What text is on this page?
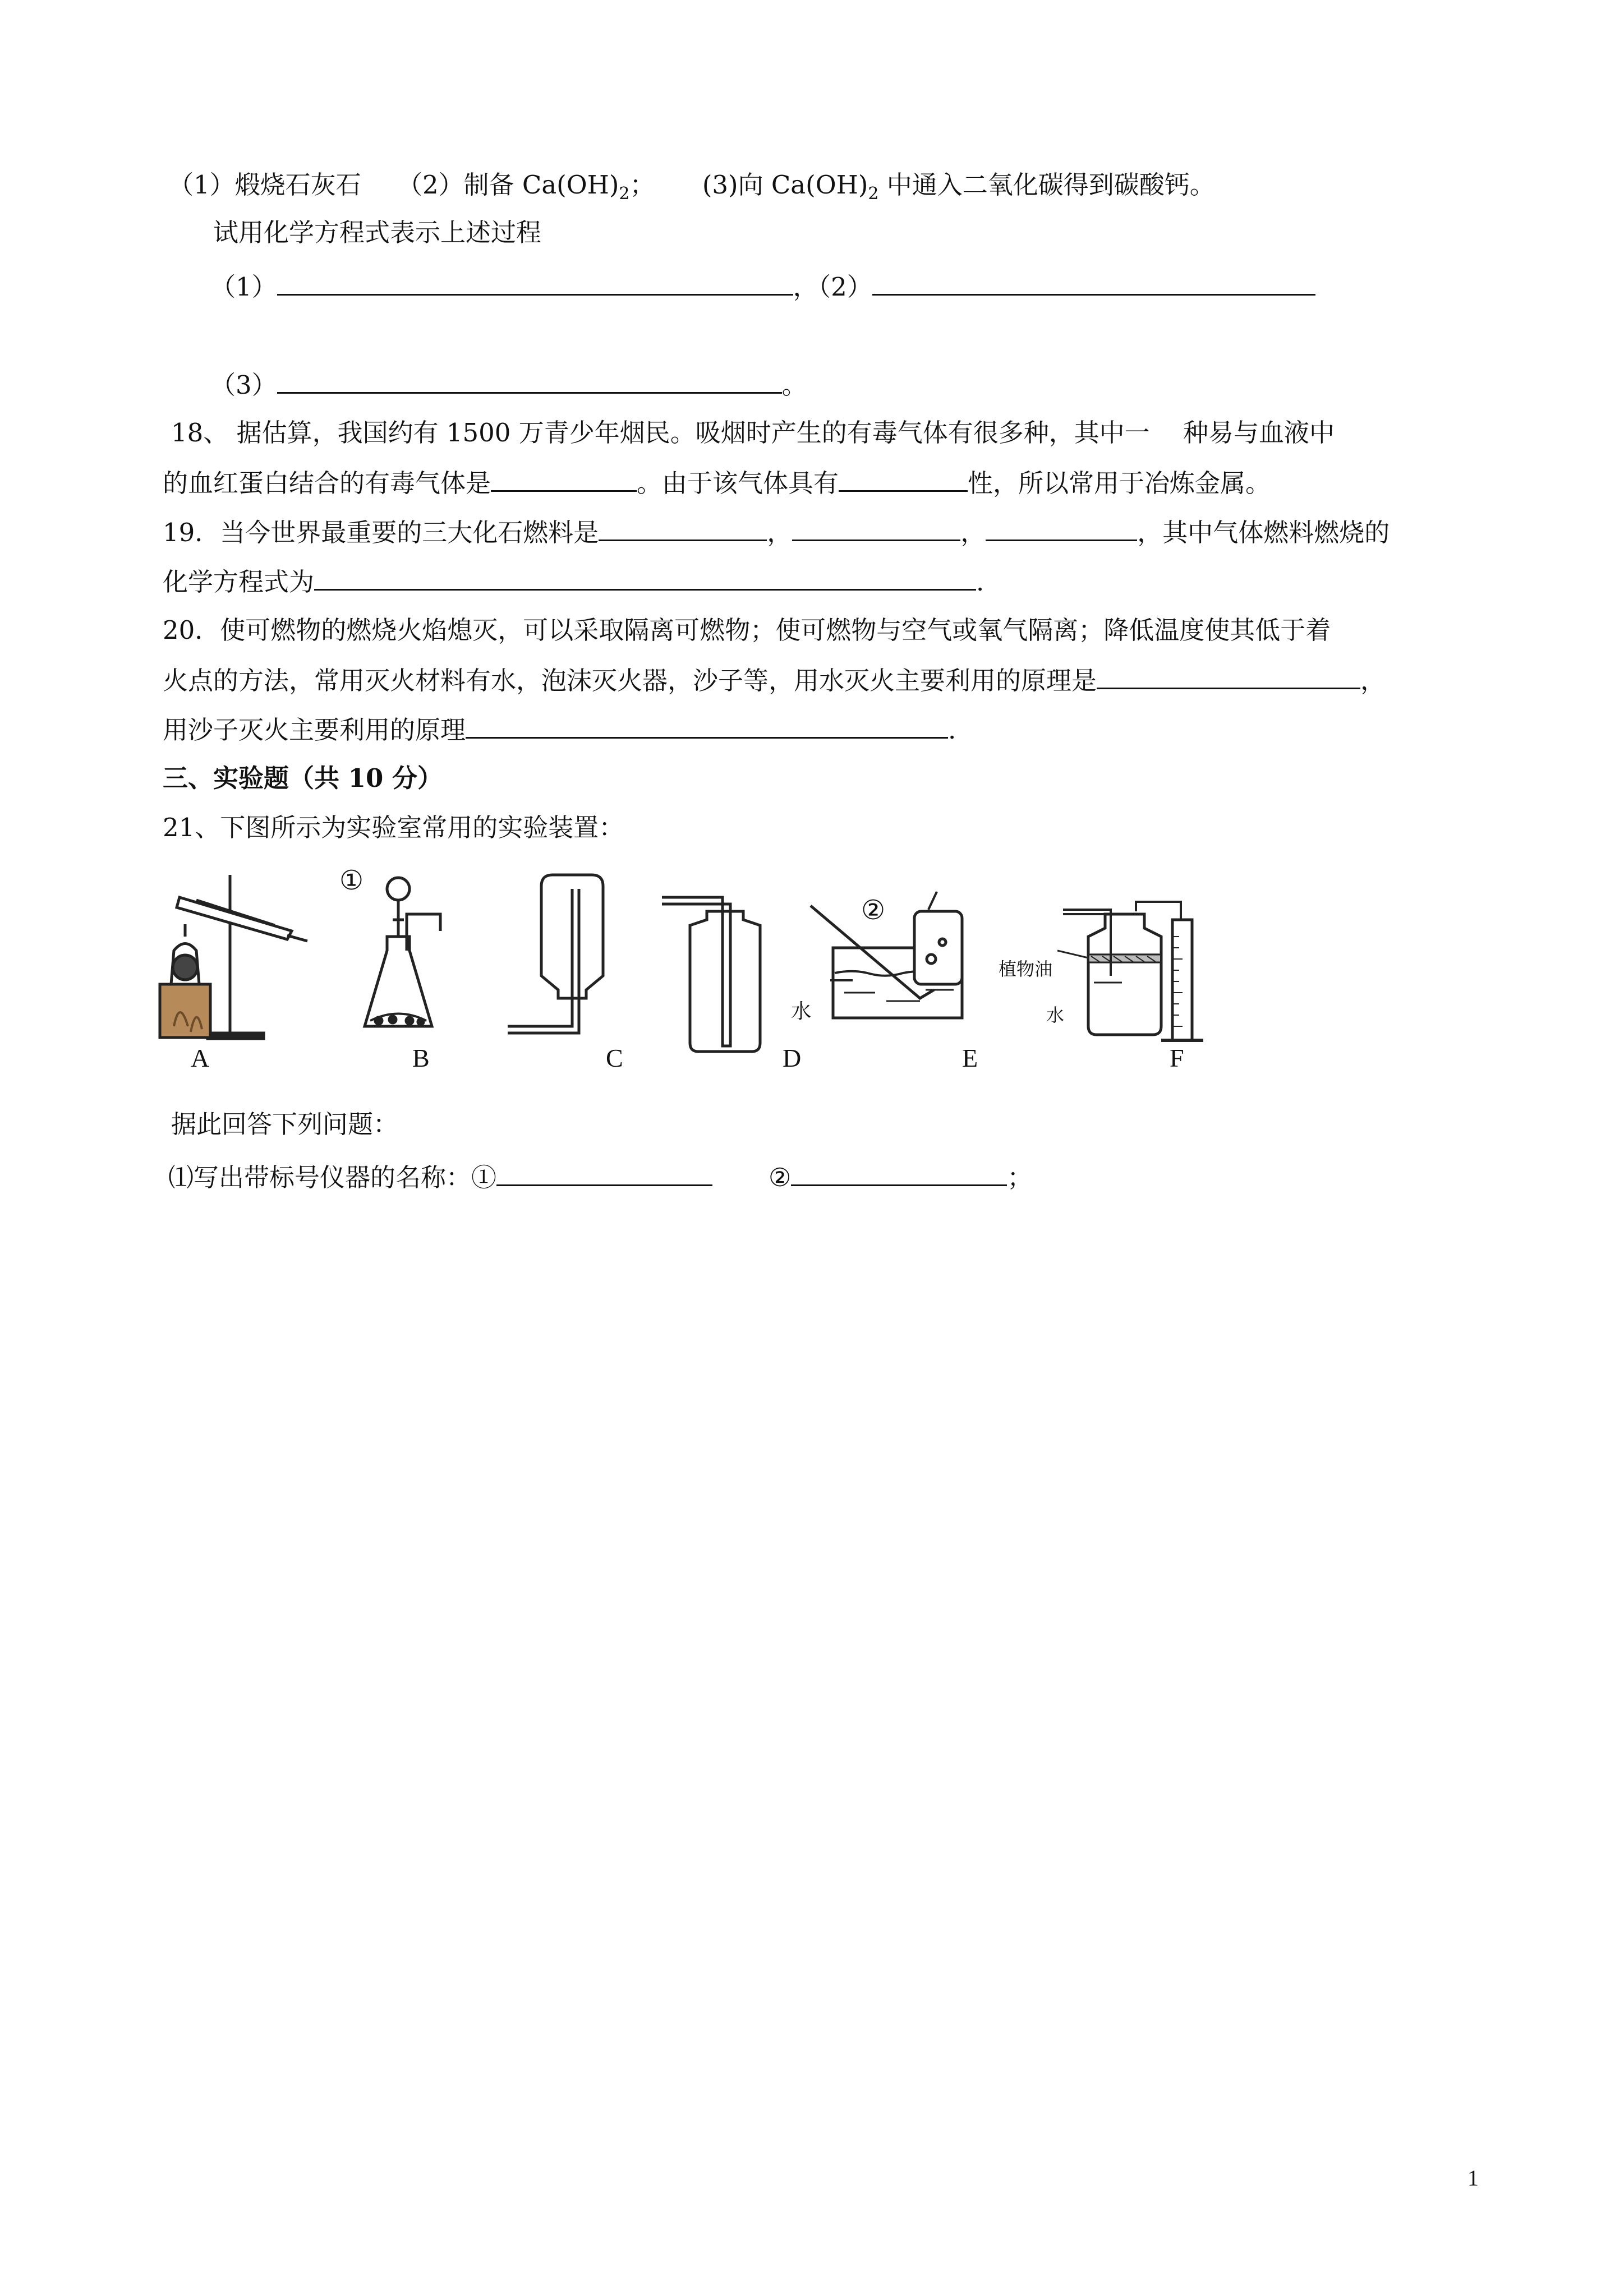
（1）煅烧石灰石 （2）制备 $Ca(OH)_2$； (3)向 $Ca(OH)_2$ 中通入二氧化碳得到碳酸钙。
试用化学方程式表示上述过程
（1）	，（2）
（3）	。
18、 据估算，我国约有 1500 万青少年烟民。吸烟时产生的有毒气体有很多种，其中一　 种易与血液中
的血红蛋白结合的有毒气体是	。由于该气体具有	性，所以常用于冶炼金属。
19．当今世界最重要的三大化石燃料是	，	，	，其中气体燃料燃烧的
化学方程式为	.
20．使可燃物的燃烧火焰熄灭，可以采取隔离可燃物；使可燃物与空气或氧气隔离；降低温度使其低于着
火点的方法，常用灭火材料有水，泡沫灭火器，沙子等，用水灭火主要利用的原理是	，
用沙子灭火主要利用的原理	.
三、实验题（共 10 分）
21、下图所示为实验室常用的实验装置：
①
②
水
植物油
水
A	B	C	D	E	F
据此回答下列问题：
⑴写出带标号仪器的名称：①	②	；
1
